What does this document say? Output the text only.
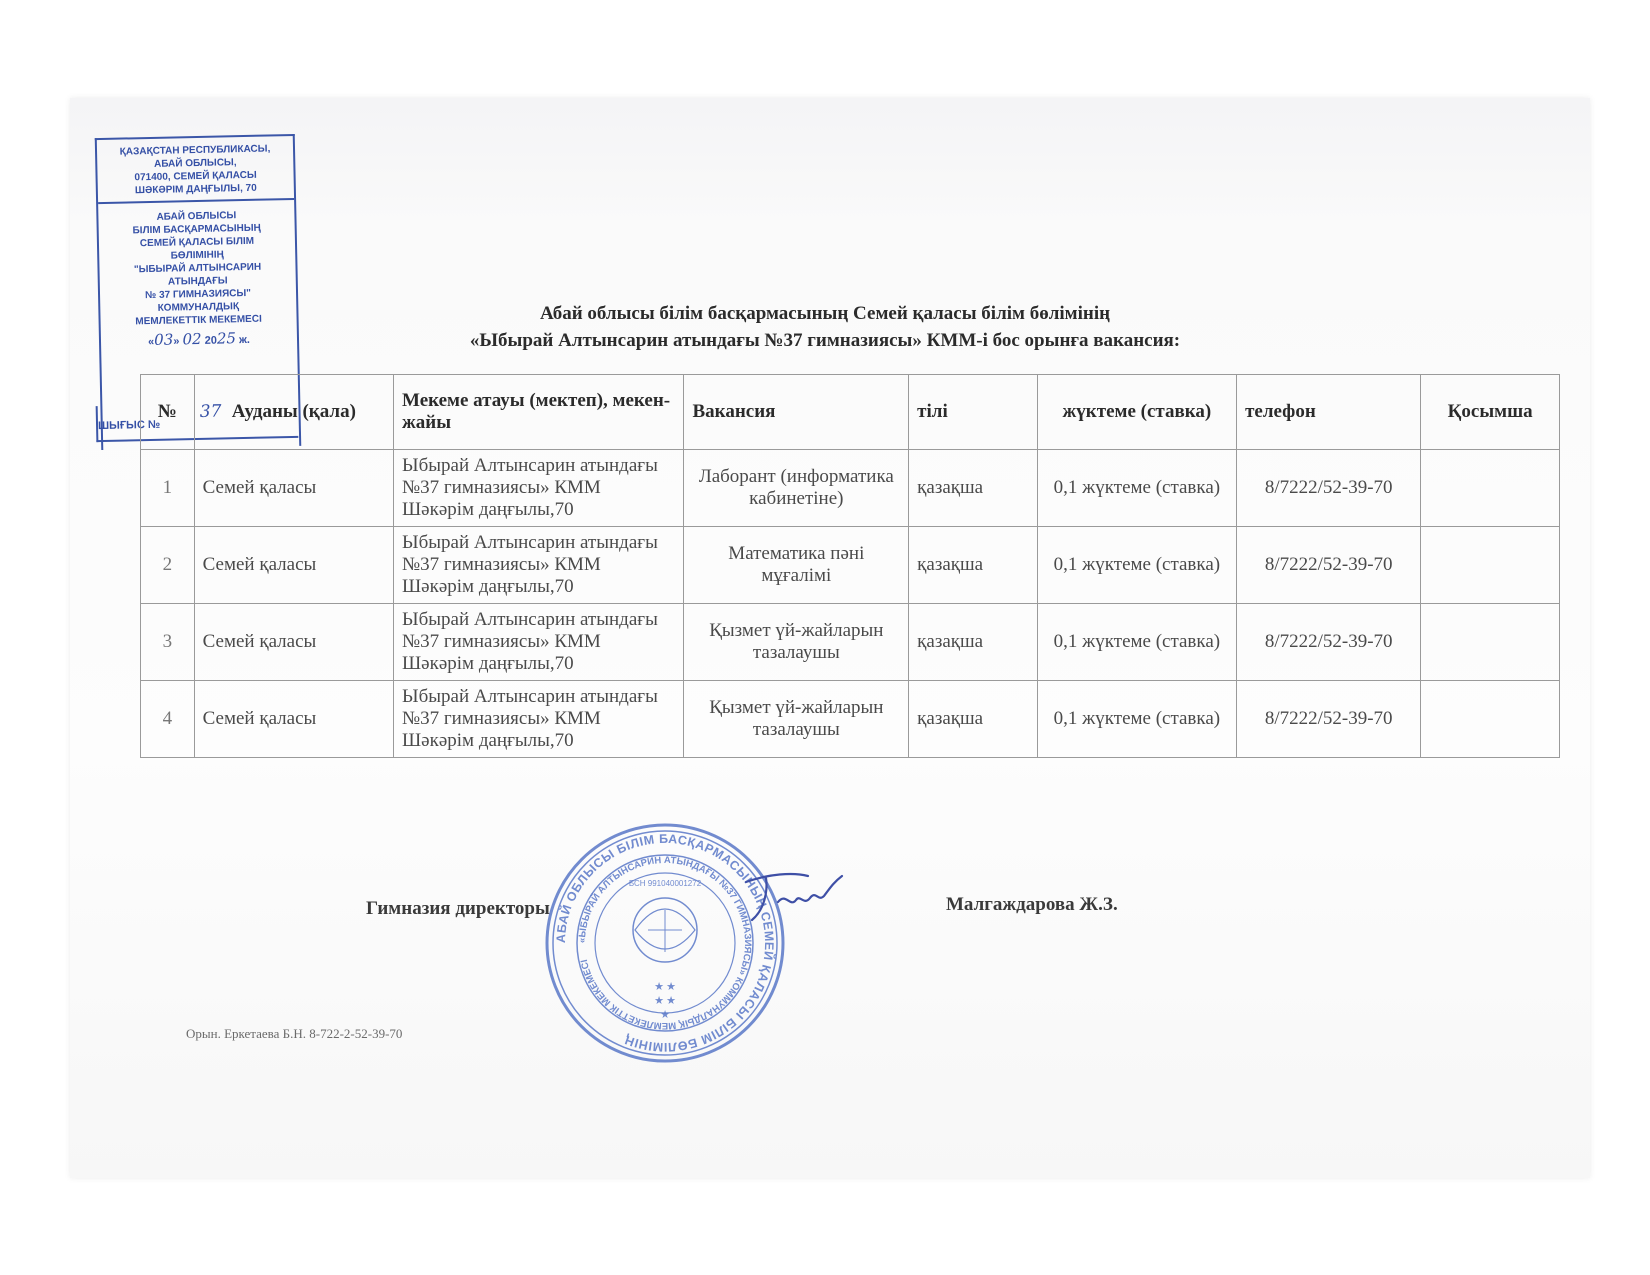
ҚАЗАҚСТАН РЕСПУБЛИКАСЫ,
АБАЙ ОБЛЫСЫ,
071400, СЕМЕЙ ҚАЛАСЫ
ШӘКӘРІМ ДАҢҒЫЛЫ, 70
АБАЙ ОБЛЫСЫ
БІЛІМ БАСҚАРМАСЫНЫҢ
СЕМЕЙ ҚАЛАСЫ БІЛІМ
БӨЛІМІНІҢ
"ЫБЫРАЙ АЛТЫНСАРИН
АТЫНДАҒЫ
№ 37 ГИМНАЗИЯСЫ"
КОММУНАЛДЫҚ
МЕМЛЕКЕТТІК МЕКЕМЕСІ
«03» 02 2025 ж.
ШЫҒЫС №
37
Абай облысы білім басқармасының Семей қаласы білім бөлімінің
«Ыбырай Алтынсарин атындағы №37 гимназиясы» КММ-і бос орынға вакансия:
№	Ауданы (қала)	Мекеме атауы (мектеп), мекен-жайы	Вакансия	тілі	жүктеме (ставка)	телефон	Қосымша
1	Семей қаласы	Ыбырай Алтынсарин атындағы №37 гимназиясы» КММ Шәкәрім даңғылы,70	Лаборант (информатика кабинетіне)	қазақша	0,1 жүктеме (ставка)	8/7222/52-39-70	
2	Семей қаласы	Ыбырай Алтынсарин атындағы №37 гимназиясы» КММ Шәкәрім даңғылы,70	Математика пәні мұғалімі	қазақша	0,1 жүктеме (ставка)	8/7222/52-39-70	
3	Семей қаласы	Ыбырай Алтынсарин атындағы №37 гимназиясы» КММ Шәкәрім даңғылы,70	Қызмет үй-жайларын тазалаушы	қазақша	0,1 жүктеме (ставка)	8/7222/52-39-70	
4	Семей қаласы	Ыбырай Алтынсарин атындағы №37 гимназиясы» КММ Шәкәрім даңғылы,70	Қызмет үй-жайларын тазалаушы	қазақша	0,1 жүктеме (ставка)	8/7222/52-39-70	
АБАЙ ОБЛЫСЫ БІЛІМ БАСҚАРМАСЫНЫҢ СЕМЕЙ ҚАЛАСЫ БІЛІМ БӨЛІМІНІҢ
«ЫБЫРАЙ АЛТЫНСАРИН АТЫНДАҒЫ №37 ГИМНАЗИЯСЫ» КОММУНАЛДЫҚ МЕМЛЕКЕТТІК МЕКЕМЕСІ
БСН 991040001272
★ ★
★ ★
★
Гимназия директоры	Малгаждарова Ж.З.
Орын. Еркетаева Б.Н. 8-722-2-52-39-70
